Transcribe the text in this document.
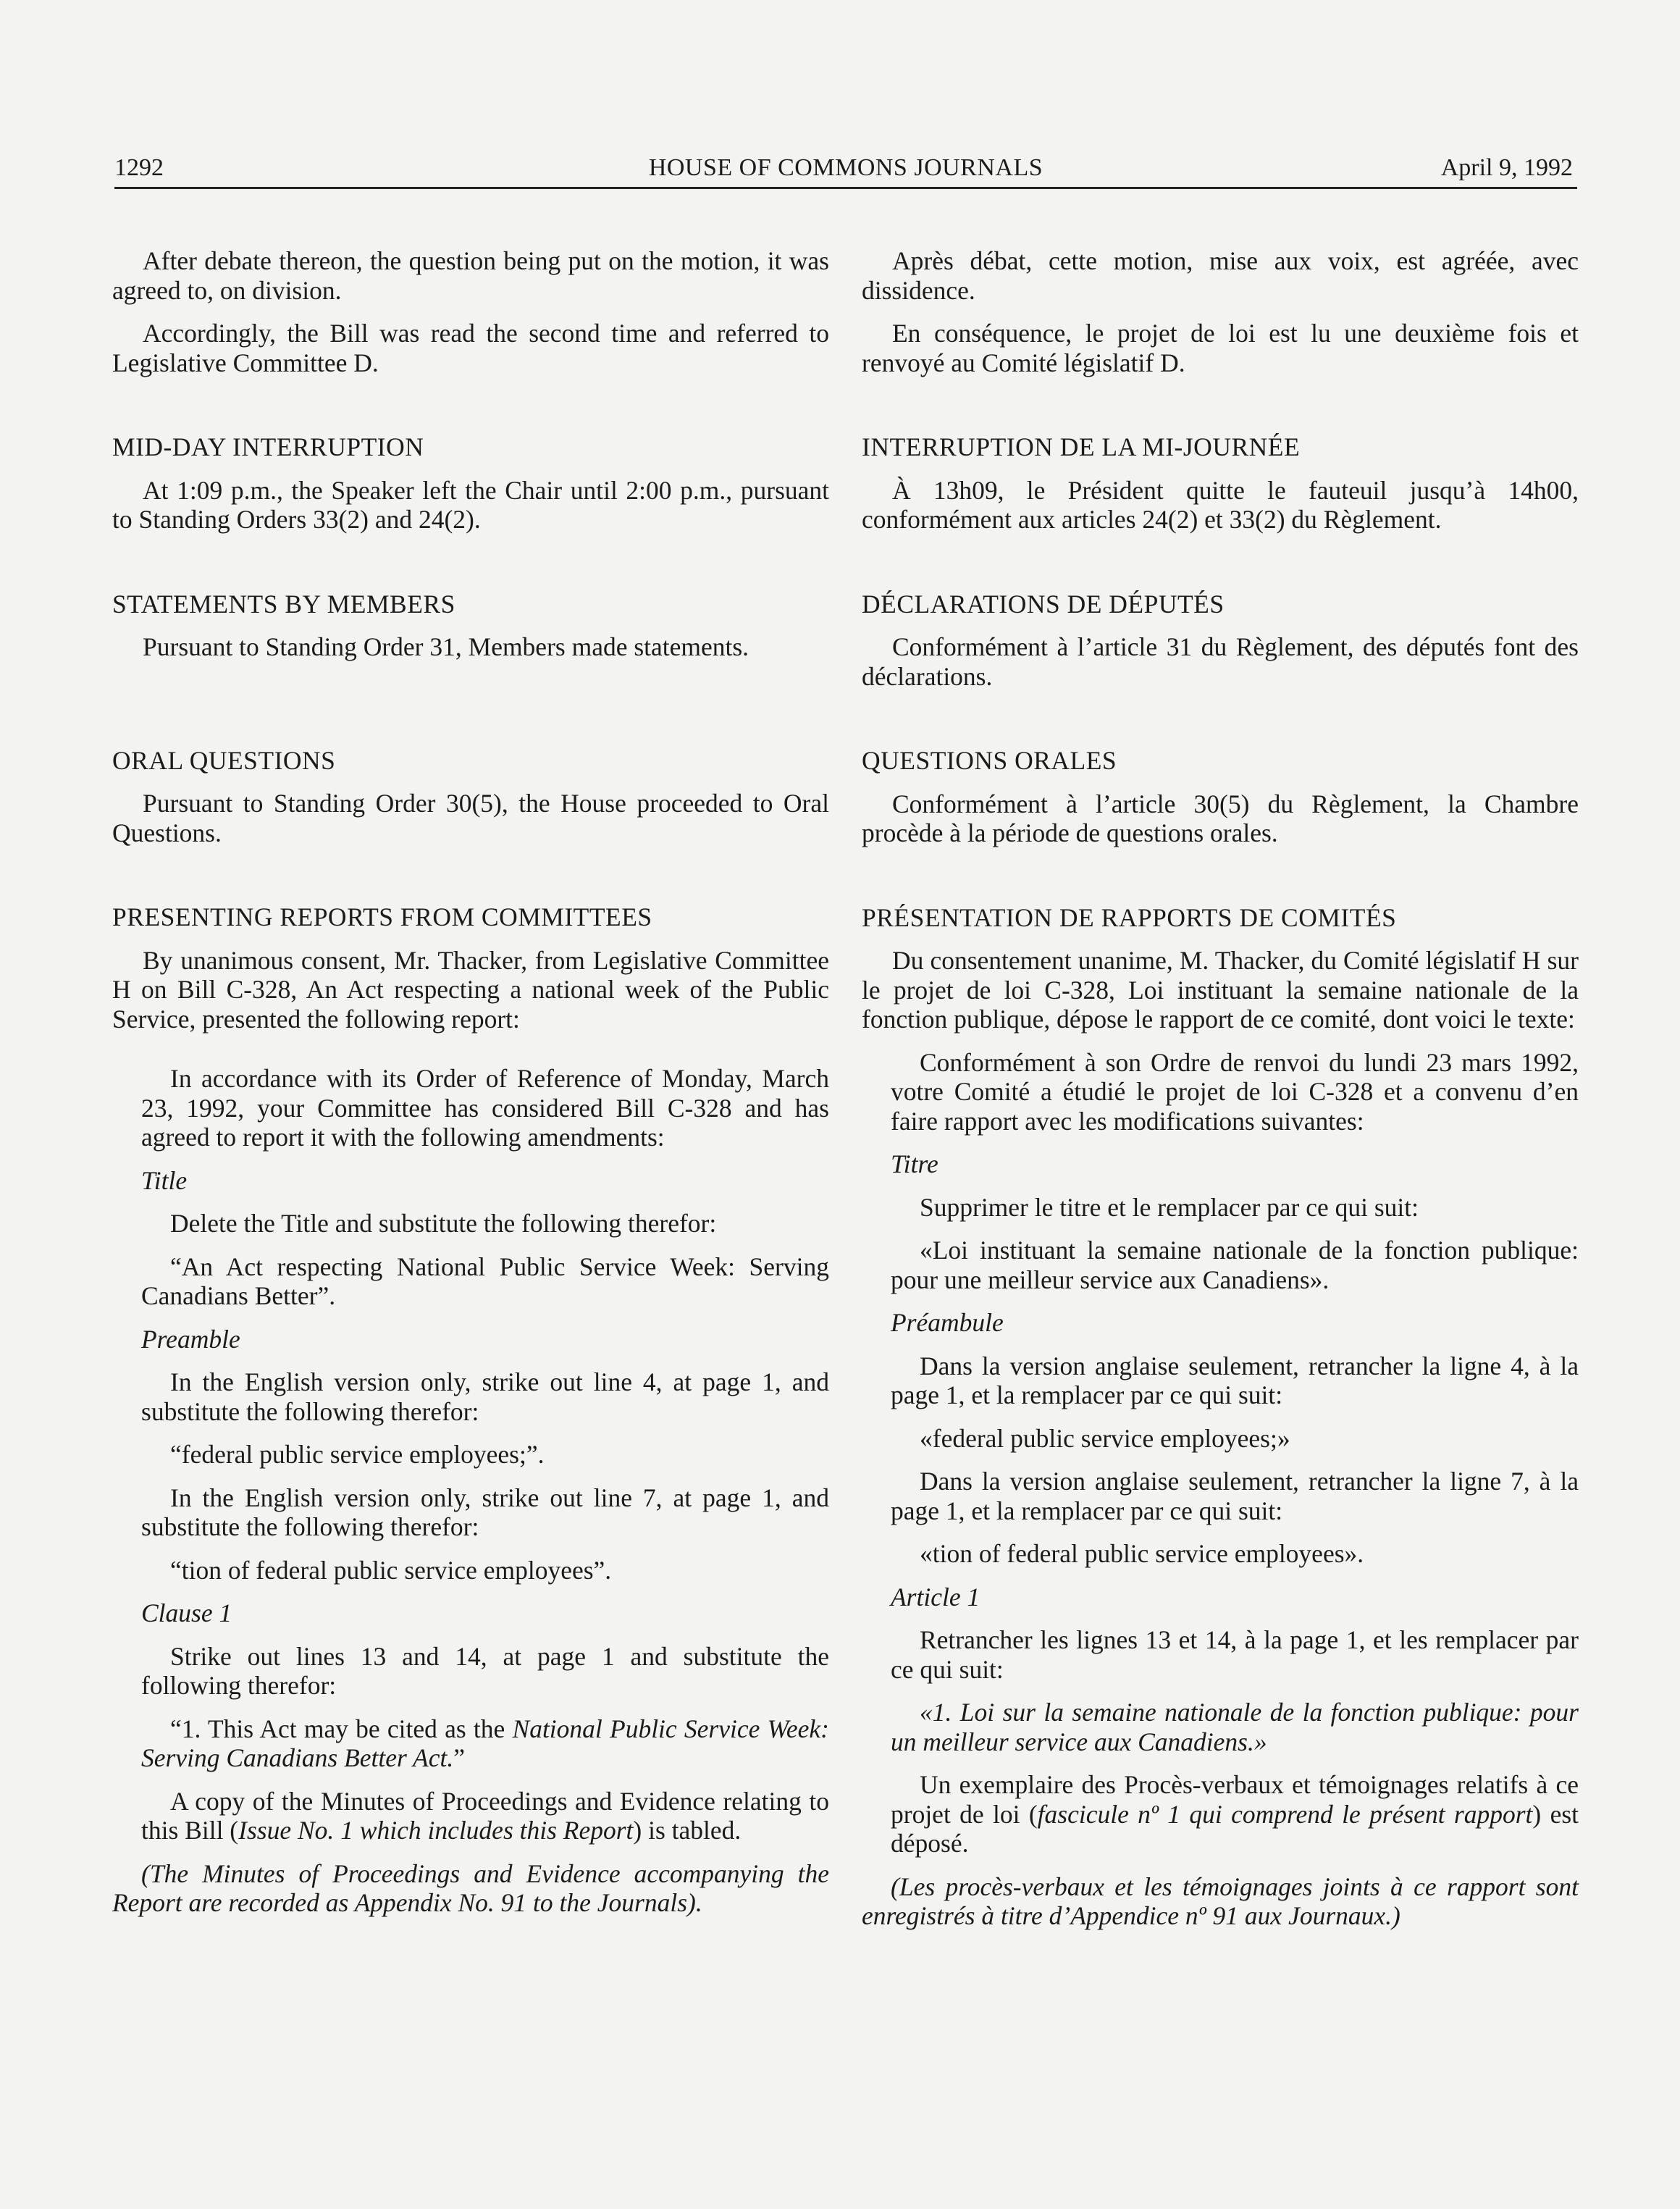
1292	HOUSE OF COMMONS JOURNALS	April 9, 1992

After debate thereon, the question being put on the motion, it was agreed to, on division.

Accordingly, the Bill was read the second time and referred to Legislative Committee D.

MID-DAY INTERRUPTION

At 1:09 p.m., the Speaker left the Chair until 2:00 p.m., pursuant to Standing Orders 33(2) and 24(2).

STATEMENTS BY MEMBERS

Pursuant to Standing Order 31, Members made statements.

ORAL QUESTIONS

Pursuant to Standing Order 30(5), the House proceeded to Oral Questions.

PRESENTING REPORTS FROM COMMITTEES

By unanimous consent, Mr. Thacker, from Legislative Committee H on Bill C-328, An Act respecting a national week of the Public Service, presented the following report:

In accordance with its Order of Reference of Monday, March 23, 1992, your Committee has considered Bill C-328 and has agreed to report it with the following amendments:

Title

Delete the Title and substitute the following therefor:

“An Act respecting National Public Service Week: Serving Canadians Better”.

Preamble

In the English version only, strike out line 4, at page 1, and substitute the following therefor:

“federal public service employees;”.

In the English version only, strike out line 7, at page 1, and substitute the following therefor:

“tion of federal public service employees”.

Clause 1

Strike out lines 13 and 14, at page 1 and substitute the following therefor:

“1. This Act may be cited as the National Public Service Week: Serving Canadians Better Act.”

A copy of the Minutes of Proceedings and Evidence relating to this Bill (Issue No. 1 which includes this Report) is tabled.

(The Minutes of Proceedings and Evidence accompanying the Report are recorded as Appendix No. 91 to the Journals).

Après débat, cette motion, mise aux voix, est agréée, avec dissidence.

En conséquence, le projet de loi est lu une deuxième fois et renvoyé au Comité législatif D.

INTERRUPTION DE LA MI-JOURNÉE

À 13h09, le Président quitte le fauteuil jusqu’à 14h00, conformément aux articles 24(2) et 33(2) du Règlement.

DÉCLARATIONS DE DÉPUTÉS

Conformément à l’article 31 du Règlement, des députés font des déclarations.

QUESTIONS ORALES

Conformément à l’article 30(5) du Règlement, la Chambre procède à la période de questions orales.

PRÉSENTATION DE RAPPORTS DE COMITÉS

Du consentement unanime, M. Thacker, du Comité législatif H sur le projet de loi C-328, Loi instituant la semaine nationale de la fonction publique, dépose le rapport de ce comité, dont voici le texte:

Conformément à son Ordre de renvoi du lundi 23 mars 1992, votre Comité a étudié le projet de loi C-328 et a convenu d’en faire rapport avec les modifications suivantes:

Titre

Supprimer le titre et le remplacer par ce qui suit:

«Loi instituant la semaine nationale de la fonction publique: pour une meilleur service aux Canadiens».

Préambule

Dans la version anglaise seulement, retrancher la ligne 4, à la page 1, et la remplacer par ce qui suit:

«federal public service employees;»

Dans la version anglaise seulement, retrancher la ligne 7, à la page 1, et la remplacer par ce qui suit:

«tion of federal public service employees».

Article 1

Retrancher les lignes 13 et 14, à la page 1, et les remplacer par ce qui suit:

«1. Loi sur la semaine nationale de la fonction publique: pour un meilleur service aux Canadiens.»

Un exemplaire des Procès-verbaux et témoignages relatifs à ce projet de loi (fascicule nº 1 qui comprend le présent rapport) est déposé.

(Les procès-verbaux et les témoignages joints à ce rapport sont enregistrés à titre d’Appendice nº 91 aux Journaux.)
